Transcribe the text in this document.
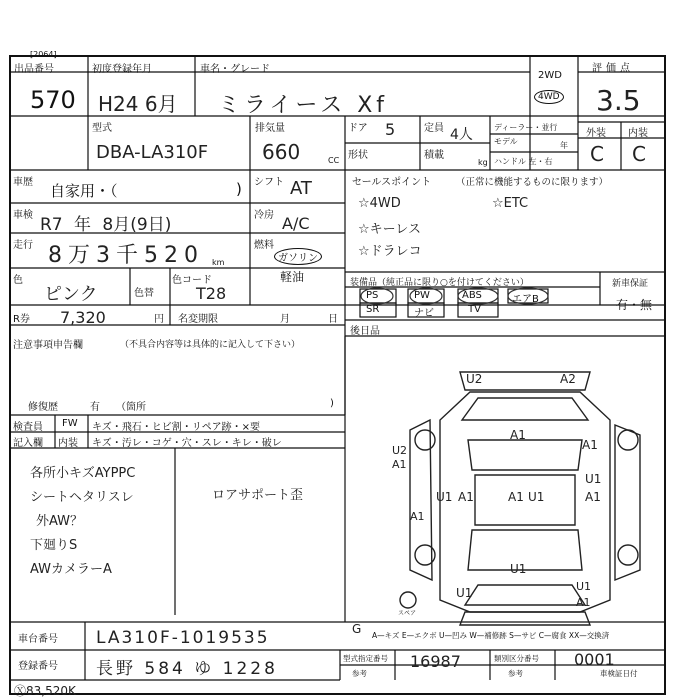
[2064]
出品番号
570
初度登録年月
H24 6月
車名・グレード
ミライース Xf
2WD
4WD
評価点
3.5
外装 内装
C C
型式
DBA-LA310F
排気量
660	CC
ドア 5	定員 4人
形状	積載
kg
ディーラー・並行
モデル	年
ハンドル 左・右
車歴 自家用・（	)
車検 R7 年 8月(9日)
走行 8万3千520 km
色
ピンク	色替
色コード
T28
R券 7,320	円 名変期限	月	日
シフト AT
冷房 A/C
燃料
ガソリン
軽油
セールスポイント	（正常に機能するものに限ります）
☆4WD
☆キーレス
☆ドラレコ
☆ETC
装備品（純正品に限り○を付けてください）
PS	PW	ABS	エアB
SR	ナビ	TV
新車保証
有・無
後日品
注意事項申告欄	（不具合内容等は具体的に記入して下さい）
修復歴	有 （箇所	)
検査員 FW キズ・飛石・ヒビ割・リペア跡・×要
記入欄 内装 キズ・汚レ・コゲ・穴・スレ・キレ・破レ
各所小キズAYPPC
シートヘタリスレ
外AW？
下廻りS
AWカメラーA
ロアサポート歪
U2	A2
A1
U2
A1
A1
U1
A1
U1 A1	U1
A1
A1
U1
U1	U1
A1
G
スペア
車台番号 LA310F-1019535	A—キズ E—エクボ U—凹み W—補修跡 S—サビ C—腐食 XX—交換済
登録番号 長野 584 ゆ 1228
型式指定番号
参考
16987	類別区分番号
参考
0001
車検証日付
Ⓧ83,520K
